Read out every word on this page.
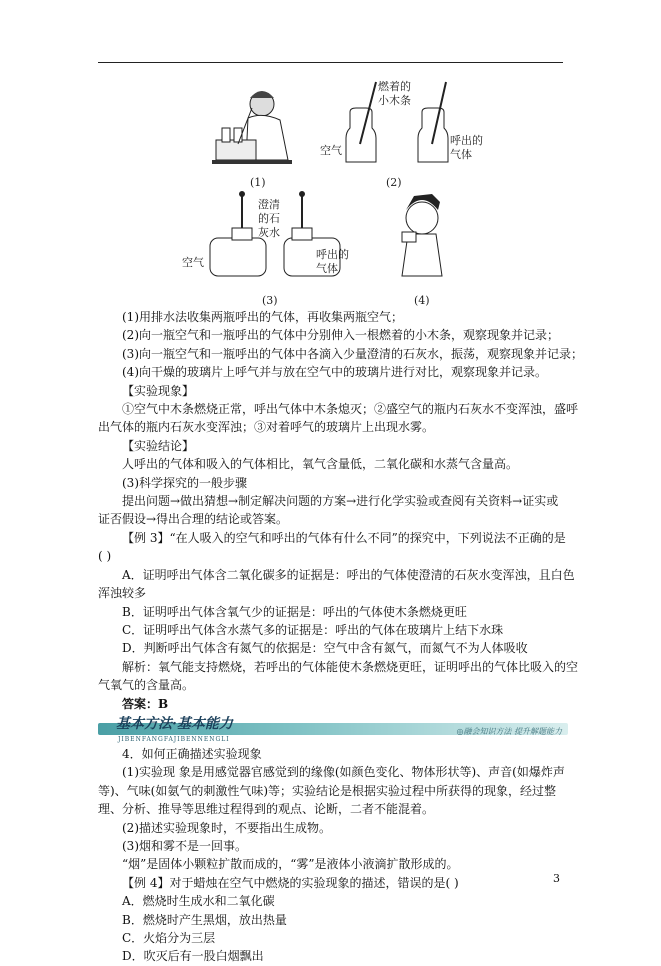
(1)
燃着的
小木条
空气
呼出的
气体
(2)
澄清
的石
灰水
空气
呼出的
气体
(3)	(4)
(1)用排水法收集两瓶呼出的气体，再收集两瓶空气；
(2)向一瓶空气和一瓶呼出的气体中分别伸入一根燃着的小木条，观察现象并记录；
(3)向一瓶空气和一瓶呼出的气体中各滴入少量澄清的石灰水，振荡，观察现象并记录；
(4)向干燥的玻璃片上呼气并与放在空气中的玻璃片进行对比，观察现象并记录。
【实验现象】
①空气中木条燃烧正常，呼出气体中木条熄灭；②盛空气的瓶内石灰水不变浑浊，盛呼
出气体的瓶内石灰水变浑浊；③对着呼气的玻璃片上出现水雾。
【实验结论】
人呼出的气体和吸入的气体相比，氧气含量低，二氧化碳和水蒸气含量高。
(3)科学探究的一般步骤
提出问题→做出猜想→制定解决问题的方案→进行化学实验或查阅有关资料→证实或
证否假设→得出合理的结论或答案。
【例 3】“在人吸入的空气和呼出的气体有什么不同”的探究中，下列说法不正确的是
( )
A．证明呼出气体含二氧化碳多的证据是：呼出的气体使澄清的石灰水变浑浊，且白色
浑浊较多
B．证明呼出气体含氧气少的证据是：呼出的气体使木条燃烧更旺
C．证明呼出气体含水蒸气多的证据是：呼出的气体在玻璃片上结下水珠
D．判断呼出气体含有氮气的依据是：空气中含有氮气，而氮气不为人体吸收
解析：氧气能支持燃烧，若呼出的气体能使木条燃烧更旺，证明呼出的气体比吸入的空
气氧气的含量高。
答案：B
基本方法·基本能力
JIBENFANGFAJIBENNENGLI
◎融会知识方法 提升解题能力
4．如何正确描述实验现象
(1)实验现 象是用感觉器官感觉到的缘像(如颜色变化、物体形状等)、声音(如爆炸声
等)、气味(如氨气的刺激性气味)等；实验结论是根据实验过程中所获得的现象，经过整
理、分析、推导等思维过程得到的观点、论断，二者不能混着。
(2)描述实验现象时，不要指出生成物。
(3)烟和雾不是一回事。
“烟”是固体小颗粒扩散而成的，“雾”是液体小液滴扩散形成的。
【例 4】对于蜡烛在空气中燃烧的实验现象的描述，错误的是( )
A．燃烧时生成水和二氧化碳
B．燃烧时产生黑烟，放出热量
C．火焰分为三层
D．吹灭后有一股白烟飘出
3
